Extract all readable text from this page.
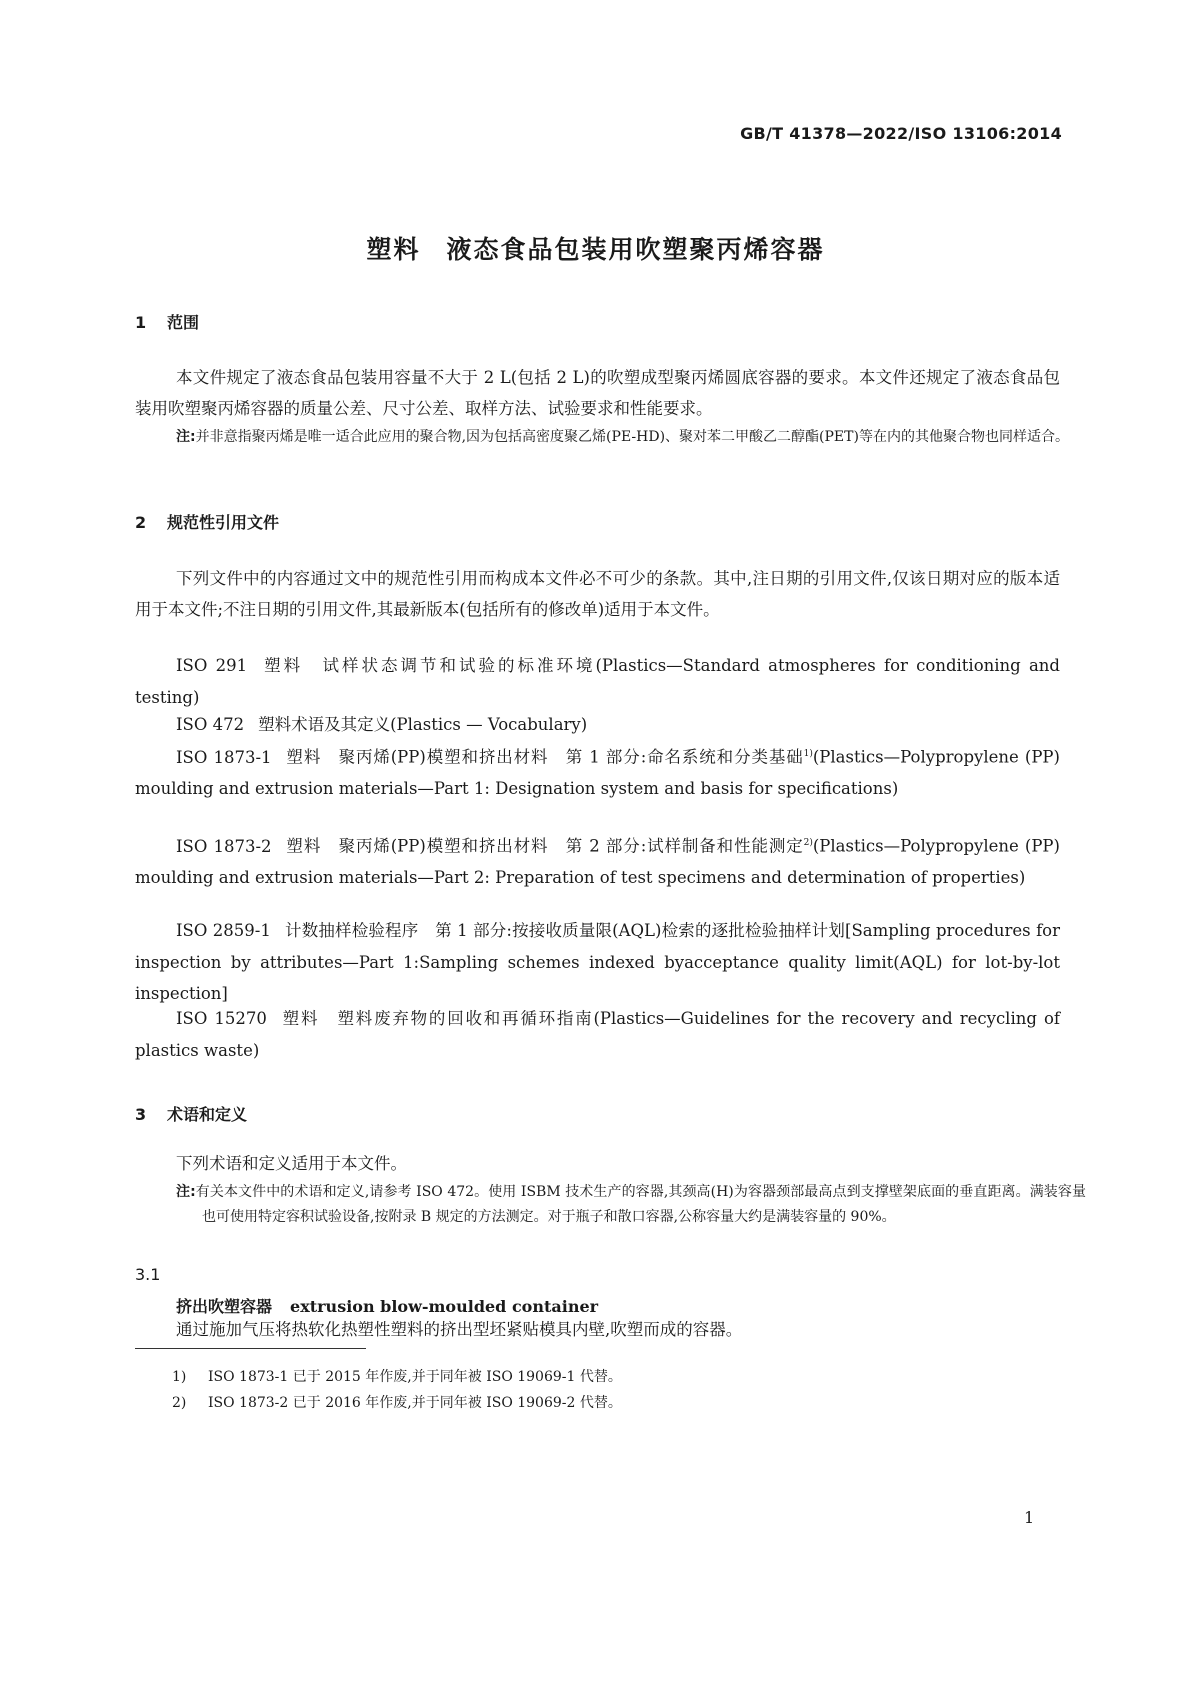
GB/T 41378—2022/ISO 13106:2014
塑料 液态食品包装用吹塑聚丙烯容器
1 范围
本文件规定了液态食品包装用容量不大于 2 L(包括 2 L)的吹塑成型聚丙烯圆底容器的要求。本文件还规定了液态食品包装用吹塑聚丙烯容器的质量公差、尺寸公差、取样方法、试验要求和性能要求。
注:并非意指聚丙烯是唯一适合此应用的聚合物,因为包括高密度聚乙烯(PE-HD)、聚对苯二甲酸乙二醇酯(PET)等在内的其他聚合物也同样适合。
2 规范性引用文件
下列文件中的内容通过文中的规范性引用而构成本文件必不可少的条款。其中,注日期的引用文件,仅该日期对应的版本适用于本文件;不注日期的引用文件,其最新版本(包括所有的修改单)适用于本文件。
ISO 291 塑料　试样状态调节和试验的标准环境(Plastics—Standard atmospheres for conditioning and testing)
ISO 472 塑料术语及其定义(Plastics — Vocabulary)
ISO 1873-1 塑料　聚丙烯(PP)模塑和挤出材料　第 1 部分:命名系统和分类基础$^{1)}$(Plastics—Polypropylene (PP) moulding and extrusion materials—Part 1: Designation system and basis for specifications)
ISO 1873-2 塑料　聚丙烯(PP)模塑和挤出材料　第 2 部分:试样制备和性能测定$^{2)}$(Plastics—Polypropylene (PP) moulding and extrusion materials—Part 2: Preparation of test specimens and determination of properties)
ISO 2859-1 计数抽样检验程序　第 1 部分:按接收质量限(AQL)检索的逐批检验抽样计划[Sampling procedures for inspection by attributes—Part 1:Sampling schemes indexed byacceptance quality limit(AQL) for lot-by-lot inspection]
ISO 15270 塑料　塑料废弃物的回收和再循环指南(Plastics—Guidelines for the recovery and recycling of plastics waste)
3 术语和定义
下列术语和定义适用于本文件。
注:有关本文件中的术语和定义,请参考 ISO 472。使用 ISBM 技术生产的容器,其颈高(H)为容器颈部最高点到支撑壁架底面的垂直距离。满装容量也可使用特定容积试验设备,按附录 B 规定的方法测定。对于瓶子和散口容器,公称容量大约是满装容量的 90%。
3.1
挤出吹塑容器 extrusion blow-moulded container
通过施加气压将热软化热塑性塑料的挤出型坯紧贴模具内壁,吹塑而成的容器。
1) ISO 1873-1 已于 2015 年作废,并于同年被 ISO 19069-1 代替。
2) ISO 1873-2 已于 2016 年作废,并于同年被 ISO 19069-2 代替。
1
